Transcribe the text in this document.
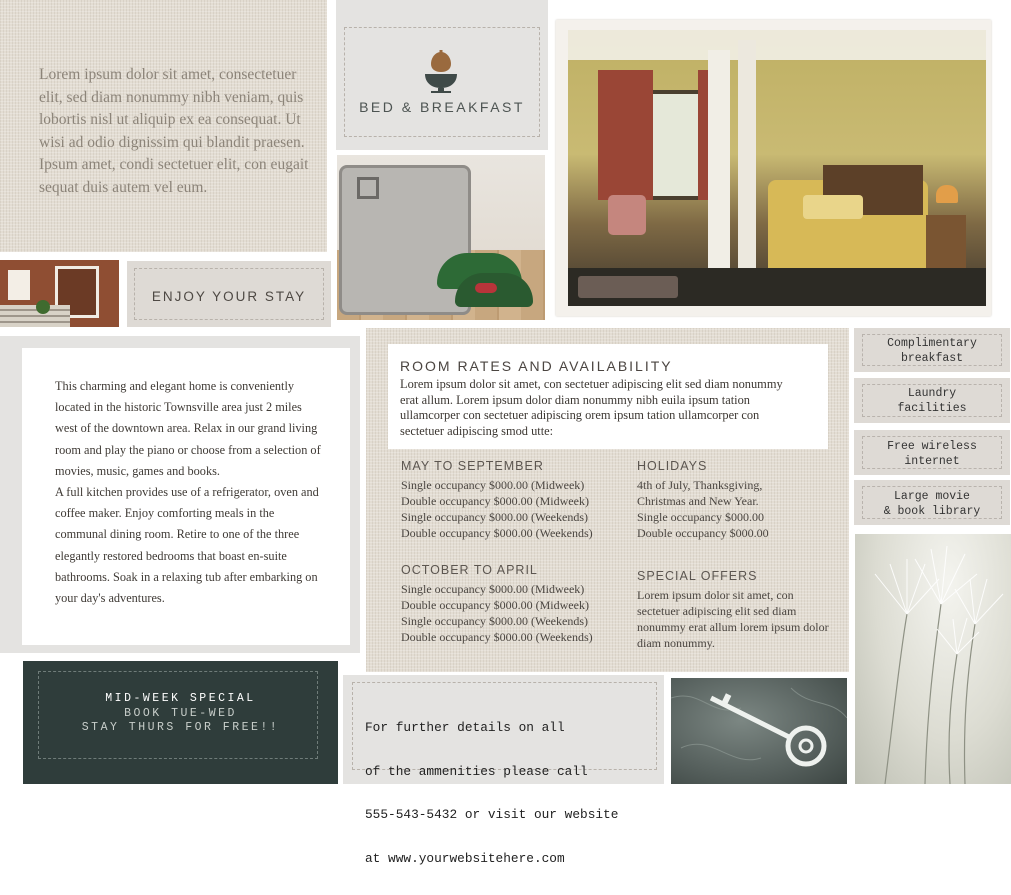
Lorem ipsum dolor sit amet, consectetuer elit, sed diam nonummy nibh veniam, quis lobortis nisl ut aliquip ex ea consequat. Ut wisi ad odio dignissim qui blandit praesen. Ipsum amet, condi sectetuer elit, con eugait sequat duis autem vel eum.

BED & BREAKFAST
ENJOY YOUR STAY
This charming and elegant home is conveniently located in the historic Townsville area just 2 miles west of the downtown area. Relax in our grand living room and play the piano or choose from a selection of movies, music, games and books.
A full kitchen provides use of a refrigerator, oven and coffee maker. Enjoy comforting meals in the communal dining room. Retire to one of the three elegantly restored bedrooms that boast en-suite bathrooms. Soak in a relaxing tub after embarking on your day's adventures.
ROOM RATES AND AVAILABILITY

Lorem ipsum dolor sit amet, con sectetuer adipiscing elit sed diam nonummy erat allum. Lorem ipsum dolor diam nonummy nibh euila ipsum tation ullamcorper con sectetuer adipiscing orem ipsum tation ullamcorper con sectetuer adipiscing smod utte:

MAY TO SEPTEMBER

Single occupancy $000.00 (Midweek)

Double occupancy $000.00 (Midweek)

Single occupancy $000.00 (Weekends)

Double occupancy $000.00 (Weekends)

OCTOBER TO APRIL

Single occupancy $000.00 (Midweek)

Double occupancy $000.00 (Midweek)

Single occupancy $000.00 (Weekends)

Double occupancy $000.00 (Weekends)

HOLIDAYS

4th of July, Thanksgiving,

Christmas and New Year.

Single occupancy $000.00

Double occupancy $000.00

SPECIAL OFFERS

Lorem ipsum dolor sit amet, con sectetuer adipiscing elit sed diam nonummy erat allum lorem ipsum dolor diam nonummy.

Complimentary
breakfast
Laundry
facilities
Free wireless
internet
Large movie
& book library
MID-WEEK SPECIAL
BOOK TUE-WED
STAY THURS FOR FREE!!

	For further details on all

of the ammenities please call

555-543-5432 or visit our website

at www.yourwebsitehere.com
